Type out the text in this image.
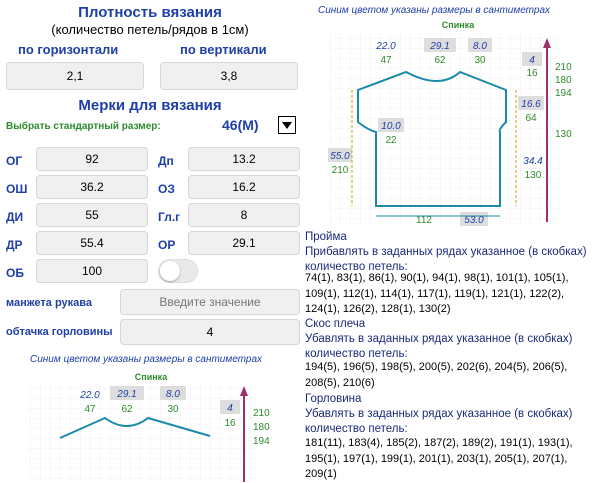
Плотность вязания
(количество петель/рядов в 1см)
по горизонтали	по вертикали
2,1	3,8
Мерки для вязания
Выбрать стандартный размер:	46(М)
ОГ	92	Дп	13.2
ОШ	36.2	ОЗ	16.2
ДИ	55	Гл.г	8
ДР	55.4	ОР	29.1
ОБ	100
манжета рукава
Введите значение
обтачка горловины	4
Синим цветом указаны размеры в сантиметрах
Спинка
22.0
47
29.1
62
8.0
30	4
16
210
180
194
Синим цветом указаны размеры в сантиметрах
Спинка
22.0
47
29.1
62
8.0
30	4
16
210
180
194
16.6
64
130
10.0
22
55.0
210
34.4
130
112	53.0
Пройма
Прибавлять в заданных рядах указанное (в скобках) количество петель:
74(1), 83(1), 86(1), 90(1), 94(1), 98(1), 101(1), 105(1), 109(1), 112(1), 114(1), 117(1), 119(1), 121(1), 122(2), 124(1), 126(2), 128(1), 130(2)
Скос плеча
Убавлять в заданных рядах указанное (в скобках) количество петель:
194(5), 196(5), 198(5), 200(5), 202(6), 204(5), 206(5), 208(5), 210(6)
Горловина
Убавлять в заданных рядах указанное (в скобках) количество петель:
181(11), 183(4), 185(2), 187(2), 189(2), 191(1), 193(1), 195(1), 197(1), 199(1), 201(1), 203(1), 205(1), 207(1), 209(1)
